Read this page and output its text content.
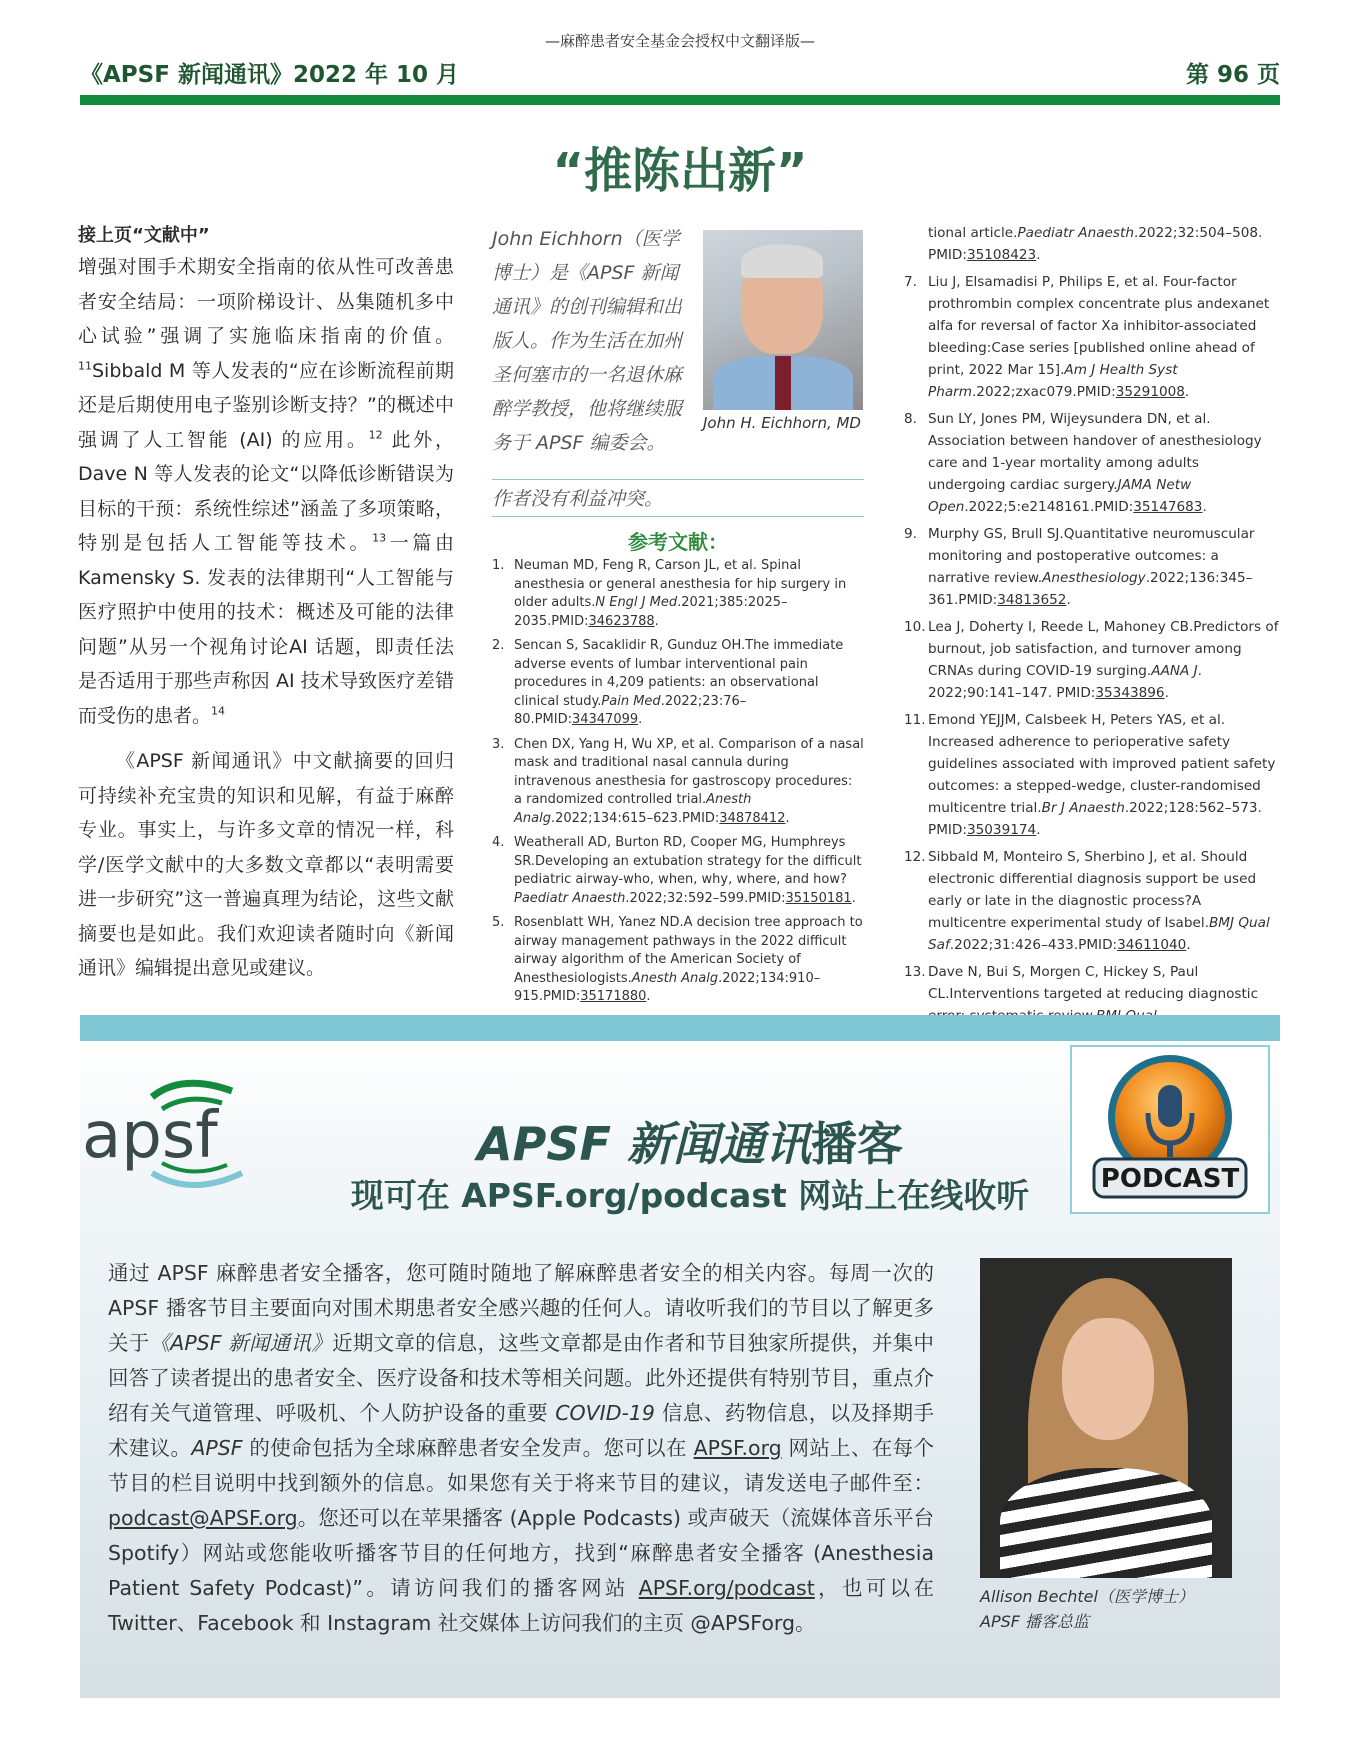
—麻醉患者安全基金会授权中文翻译版—
《APSF 新闻通讯》2022 年 10 月	第 96 页
“推陈出新”
接上页“文献中”

增强对围手术期安全指南的依从性可改善患者安全结局：一项阶梯设计、丛集随机多中心试验”强调了实施临床指南的价值。$^{11}$Sibbald M 等人发表的“应在诊断流程前期还是后期使用电子鉴别诊断支持？”的概述中强调了人工智能 (AI) 的应用。$^{12}$ 此外，Dave N 等人发表的论文“以降低诊断错误为目标的干预：系统性综述”涵盖了多项策略，特别是包括人工智能等技术。$^{13}$一篇由 Kamensky S. 发表的法律期刊“人工智能与医疗照护中使用的技术：概述及可能的法律问题”从另一个视角讨论AI 话题，即责任法是否适用于那些声称因 AI 技术导致医疗差错而受伤的患者。$^{14}$

《APSF 新闻通讯》中文献摘要的回归可持续补充宝贵的知识和见解，有益于麻醉专业。事实上，与许多文章的情况一样，科学/医学文献中的大多数文章都以“表明需要进一步研究”这一普遍真理为结论，这些文献摘要也是如此。我们欢迎读者随时向《新闻通讯》编辑提出意见或建议。

John Eichhorn（医学博士）是《APSF 新闻通讯》的创刊编辑和出版人。作为生活在加州圣何塞市的一名退休麻醉学教授，他将继续服务于 APSF 编委会。
John H. Eichhorn, MD
作者没有利益冲突。
参考文献：
1. Neuman MD, Feng R, Carson JL, et al. Spinal anesthesia or general anesthesia for hip surgery in older adults.N Engl J Med.2021;385:2025–2035.PMID:34623788.
2. Sencan S, Sacaklidir R, Gunduz OH.The immediate adverse events of lumbar interventional pain procedures in 4,209 patients: an observational clinical study.Pain Med.2022;23:76–80.PMID:34347099.
3. Chen DX, Yang H, Wu XP, et al. Comparison of a nasal mask and traditional nasal cannula during intravenous anesthesia for gastroscopy procedures: a randomized controlled trial.Anesth Analg.2022;134:615–623.PMID:34878412.
4. Weatherall AD, Burton RD, Cooper MG, Humphreys SR.Developing an extubation strategy for the difficult pediatric airway-who, when, why, where, and how?Paediatr Anaesth.2022;32:592–599.PMID:35150181.
5. Rosenblatt WH, Yanez ND.A decision tree approach to airway management pathways in the 2022 difficult airway algorithm of the American Society of Anesthesiologists.Anesth Analg.2022;134:910–915.PMID:35171880.
tional article.Paediatr Anaesth.2022;32:504–508. PMID:35108423.
7. Liu J, Elsamadisi P, Philips E, et al. Four-factor prothrombin complex concentrate plus andexanet alfa for reversal of factor Xa inhibitor-associated bleeding:Case series [published online ahead of print, 2022 Mar 15].Am J Health Syst Pharm.2022;zxac079.PMID:35291008.
8. Sun LY, Jones PM, Wijeysundera DN, et al. Association between handover of anesthesiology care and 1-year mortality among adults undergoing cardiac surgery.JAMA Netw Open.2022;5:e2148161.PMID:35147683.
9. Murphy GS, Brull SJ.Quantitative neuromuscular monitoring and postoperative outcomes: a narrative review.Anesthesiology.2022;136:345–361.PMID:34813652.
10. Lea J, Doherty I, Reede L, Mahoney CB.Predictors of burnout, job satisfaction, and turnover among CRNAs during COVID-19 surging.AANA J. 2022;90:141–147. PMID:35343896.
11. Emond YEJJM, Calsbeek H, Peters YAS, et al. Increased adherence to perioperative safety guidelines associated with improved patient safety outcomes: a stepped-wedge, cluster-randomised multicentre trial.Br J Anaesth.2022;128:562–573. PMID:35039174.
12. Sibbald M, Monteiro S, Sherbino J, et al. Should electronic differential diagnosis support be used early or late in the diagnostic process?A multicentre experimental study of Isabel.BMJ Qual Saf.2022;31:426–433.PMID:34611040.
13. Dave N, Bui S, Morgen C, Hickey S, Paul CL.Interventions targeted at reducing diagnostic
apsf	APSF 新闻通讯播客
现可在 APSF.org/podcast 网站上在线收听	PODCAST
通过 APSF 麻醉患者安全播客，您可随时随地了解麻醉患者安全的相关内容。每周一次的 APSF 播客节目主要面向对围术期患者安全感兴趣的任何人。请收听我们的节目以了解更多关于《APSF 新闻通讯》近期文章的信息，这些文章都是由作者和节目独家所提供，并集中回答了读者提出的患者安全、医疗设备和技术等相关问题。此外还提供有特别节目，重点介绍有关气道管理、呼吸机、个人防护设备的重要 COVID-19 信息、药物信息，以及择期手术建议。APSF 的使命包括为全球麻醉患者安全发声。您可以在 APSF.org 网站上、在每个节目的栏目说明中找到额外的信息。如果您有关于将来节目的建议，请发送电子邮件至：podcast@APSF.org。您还可以在苹果播客 (Apple Podcasts) 或声破天（流媒体音乐平台 Spotify）网站或您能收听播客节目的任何地方，找到“麻醉患者安全播客 (Anesthesia Patient Safety Podcast)”。请访问我们的播客网站 APSF.org/podcast，也可以在 Twitter、Facebook 和 Instagram 社交媒体上访问我们的主页 @APSForg。
Allison Bechtel（医学博士）
APSF 播客总监
